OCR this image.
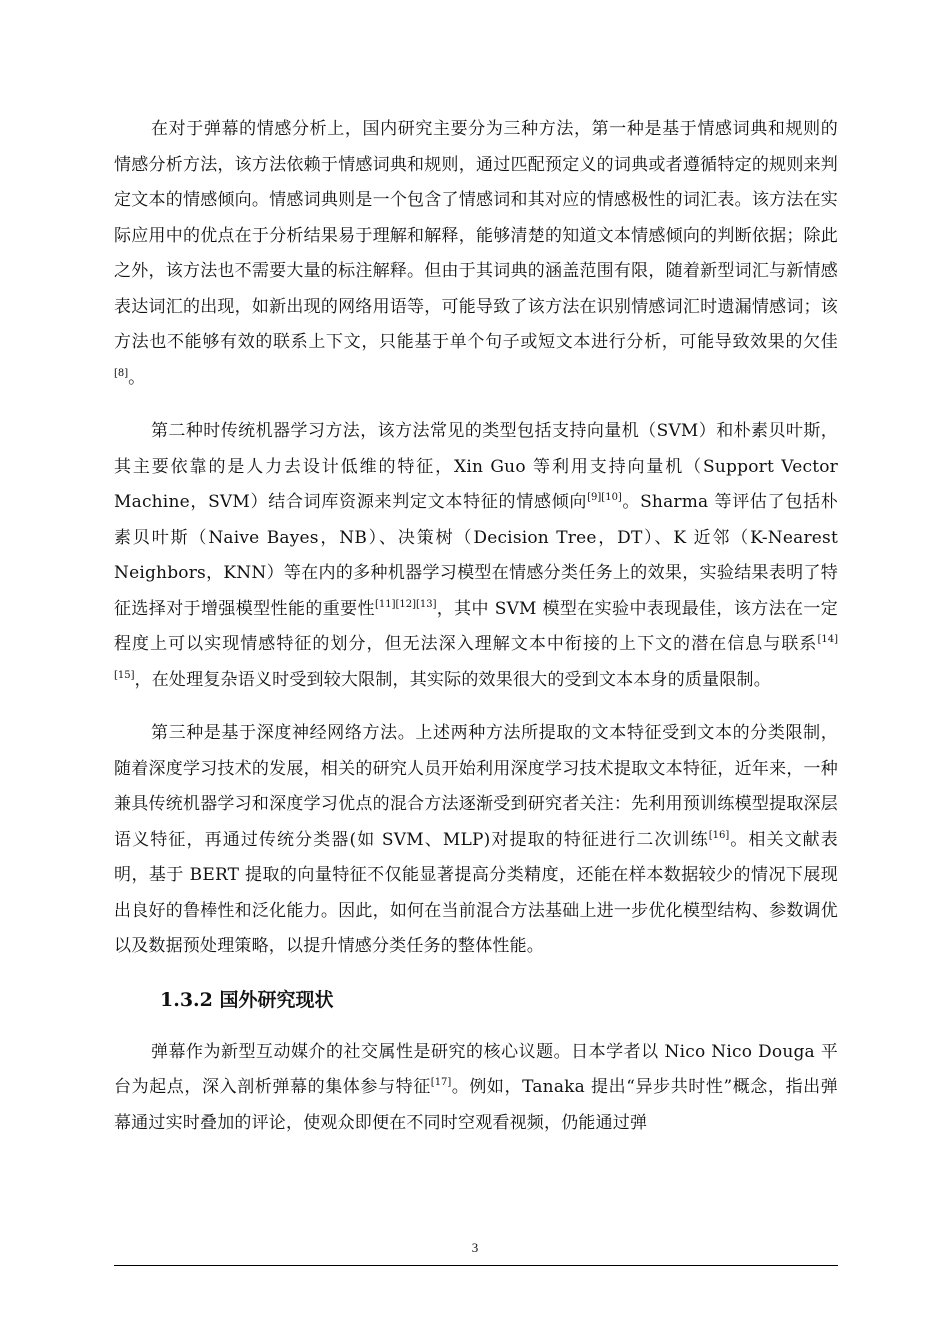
在对于弹幕的情感分析上，国内研究主要分为三种方法，第一种是基于情感词典和规则的情感分析方法，该方法依赖于情感词典和规则，通过匹配预定义的词典或者遵循特定的规则来判定文本的情感倾向。情感词典则是一个包含了情感词和其对应的情感极性的词汇表。该方法在实际应用中的优点在于分析结果易于理解和解释，能够清楚的知道文本情感倾向的判断依据；除此之外，该方法也不需要大量的标注解释。但由于其词典的涵盖范围有限，随着新型词汇与新情感表达词汇的出现，如新出现的网络用语等，可能导致了该方法在识别情感词汇时遗漏情感词；该方法也不能够有效的联系上下文，只能基于单个句子或短文本进行分析，可能导致效果的欠佳[8]。

第二种时传统机器学习方法，该方法常见的类型包括支持向量机（SVM）和朴素贝叶斯，其主要依靠的是人力去设计低维的特征，Xin Guo 等利用支持向量机（Support Vector Machine，SVM）结合词库资源来判定文本特征的情感倾向[9][10]。Sharma 等评估了包括朴素贝叶斯（Naive Bayes，NB）、决策树（Decision Tree，DT）、K 近邻（K-Nearest Neighbors，KNN）等在内的多种机器学习模型在情感分类任务上的效果，实验结果表明了特征选择对于增强模型性能的重要性[11][12][13]，其中 SVM 模型在实验中表现最佳，该方法在一定程度上可以实现情感特征的划分，但无法深入理解文本中衔接的上下文的潜在信息与联系[14][15]，在处理复杂语义时受到较大限制，其实际的效果很大的受到文本本身的质量限制。

第三种是基于深度神经网络方法。上述两种方法所提取的文本特征受到文本的分类限制，随着深度学习技术的发展，相关的研究人员开始利用深度学习技术提取文本特征，近年来，一种兼具传统机器学习和深度学习优点的混合方法逐渐受到研究者关注：先利用预训练模型提取深层语义特征，再通过传统分类器(如 SVM、MLP)对提取的特征进行二次训练[16]。相关文献表明，基于 BERT 提取的向量特征不仅能显著提高分类精度，还能在样本数据较少的情况下展现出良好的鲁棒性和泛化能力。因此，如何在当前混合方法基础上进一步优化模型结构、参数调优以及数据预处理策略，以提升情感分类任务的整体性能。

1.3.2 国外研究现状

弹幕作为新型互动媒介的社交属性是研究的核心议题。日本学者以 Nico Nico Douga 平台为起点，深入剖析弹幕的集体参与特征[17]。例如，Tanaka 提出“异步共时性”概念，指出弹幕通过实时叠加的评论，使观众即便在不同时空观看视频，仍能通过弹

3
